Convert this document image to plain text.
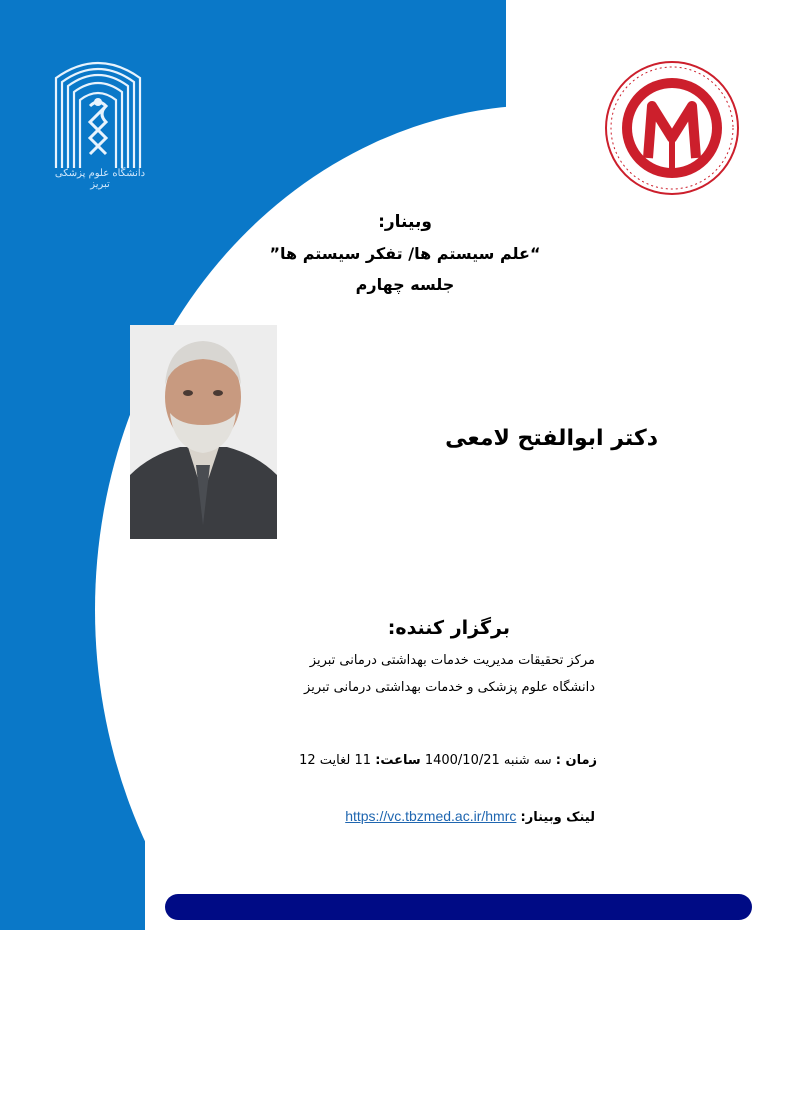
دانشگاه علوم پزشکی تبریز
وبینار:
“علم سیستم ها/ تفکر سیستم ها”
جلسه چهارم
دکتر ابوالفتح لامعی
برگزار کننده:
مرکز تحقیقات مدیریت خدمات بهداشتی درمانی تبریز
دانشگاه علوم پزشکی و خدمات بهداشتی درمانی تبریز
زمان : سه شنبه 1400/10/21 ساعت: 11 لغایت 12
لینک وبینار: https://vc.tbzmed.ac.ir/hmrc
